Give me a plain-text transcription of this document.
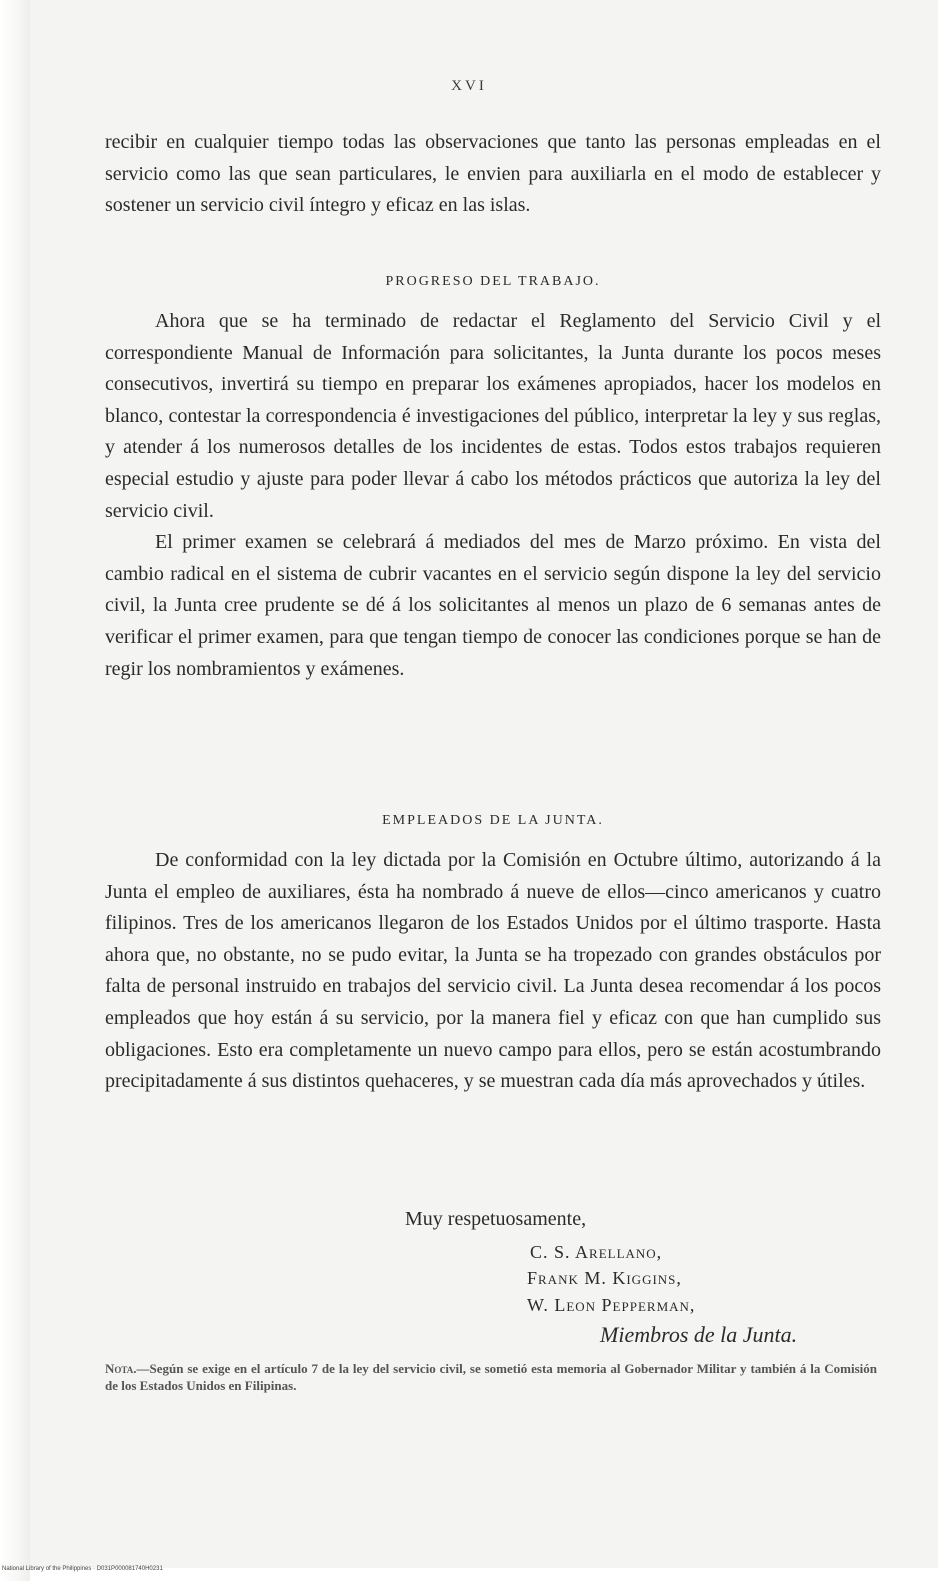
XVI

recibir en cualquier tiempo todas las observaciones que tanto las personas empleadas en el servicio como las que sean particulares, le envien para auxiliarla en el modo de establecer y sostener un servicio civil íntegro y eficaz en las islas.

PROGRESO DEL TRABAJO.

Ahora que se ha terminado de redactar el Reglamento del Servicio Civil y el correspondiente Manual de Información para solicitantes, la Junta durante los pocos meses consecutivos, invertirá su tiempo en preparar los exámenes apropiados, hacer los modelos en blanco, contestar la correspondencia é investigaciones del público, interpretar la ley y sus reglas, y atender á los numerosos detalles de los incidentes de estas. Todos estos trabajos requieren especial estudio y ajuste para poder llevar á cabo los métodos prácticos que autoriza la ley del servicio civil.

El primer examen se celebrará á mediados del mes de Marzo próximo. En vista del cambio radical en el sistema de cubrir vacantes en el servicio según dispone la ley del servicio civil, la Junta cree prudente se dé á los solicitantes al menos un plazo de 6 semanas antes de verificar el primer examen, para que tengan tiempo de conocer las condiciones porque se han de regir los nombramientos y exámenes.

EMPLEADOS DE LA JUNTA.

De conformidad con la ley dictada por la Comisión en Octubre último, autorizando á la Junta el empleo de auxiliares, ésta ha nombrado á nueve de ellos—cinco americanos y cuatro filipinos. Tres de los americanos llegaron de los Estados Unidos por el último trasporte. Hasta ahora que, no obstante, no se pudo evitar, la Junta se ha tropezado con grandes obstáculos por falta de personal instruido en trabajos del servicio civil. La Junta desea recomendar á los pocos empleados que hoy están á su servicio, por la manera fiel y eficaz con que han cumplido sus obligaciones. Esto era completamente un nuevo campo para ellos, pero se están acostumbrando precipitadamente á sus distintos quehaceres, y se muestran cada día más aprovechados y útiles.

Muy respetuosamente,
C. S. Arellano,
Frank M. Kiggins,
W. Leon Pepperman,
Miembros de la Junta.
Nota.—Según se exige en el artículo 7 de la ley del servicio civil, se sometió esta memoria al Gobernador Militar y también á la Comisión de los Estados Unidos en Filipinas.
National Library of the Philippines · D031P000081740H0231
